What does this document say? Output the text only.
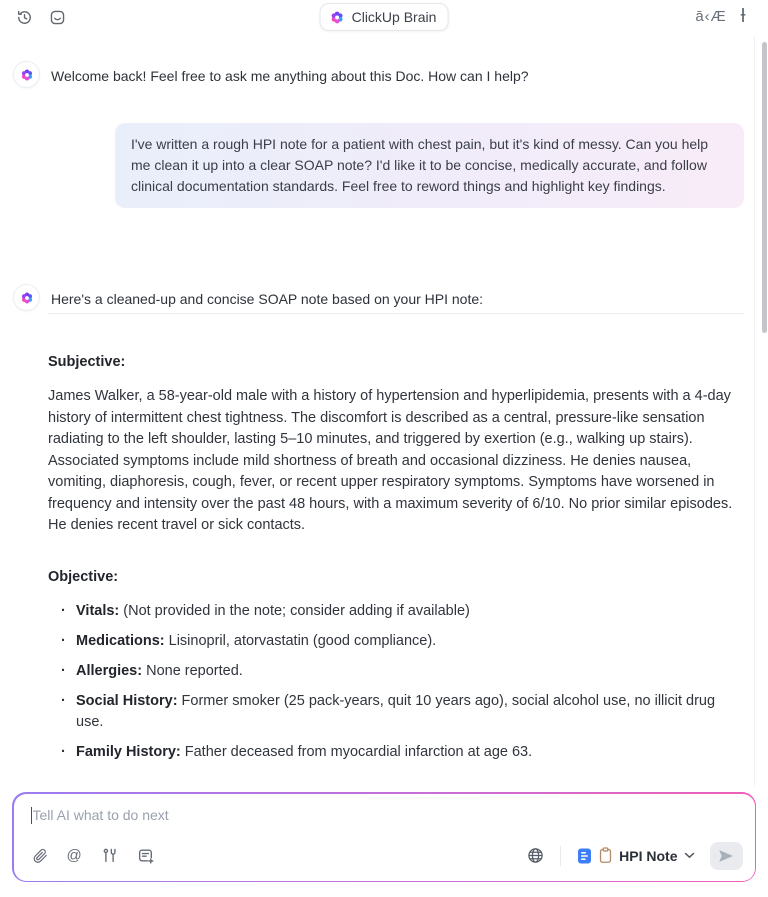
ClickUp Brain	ā‹Æ Ɨ
Welcome back! Feel free to ask me anything about this Doc. How can I help?
I've written a rough HPI note for a patient with chest pain, but it's kind of messy. Can you help me clean it up into a clear SOAP note? I'd like it to be concise, medically accurate, and follow clinical documentation standards. Feel free to reword things and highlight key findings.
Here's a cleaned-up and concise SOAP note based on your HPI note:
Subjective:

James Walker, a 58-year-old male with a history of hypertension and hyperlipidemia, presents with a 4-day history of intermittent chest tightness. The discomfort is described as a central, pressure-like sensation radiating to the left shoulder, lasting 5–10 minutes, and triggered by exertion (e.g., walking up stairs). Associated symptoms include mild shortness of breath and occasional dizziness. He denies nausea, vomiting, diaphoresis, cough, fever, or recent upper respiratory symptoms. Symptoms have worsened in frequency and intensity over the past 48 hours, with a maximum severity of 6/10. No prior similar episodes. He denies recent travel or sick contacts.

Objective:
· Vitals: (Not provided in the note; consider adding if available)
· Medications: Lisinopril, atorvastatin (good compliance).
· Allergies: None reported.
· Social History: Former smoker (25 pack-years, quit 10 years ago), social alcohol use, no illicit drug use.
· Family History: Father deceased from myocardial infarction at age 63.
Tell AI what to do next
@	HPI Note
